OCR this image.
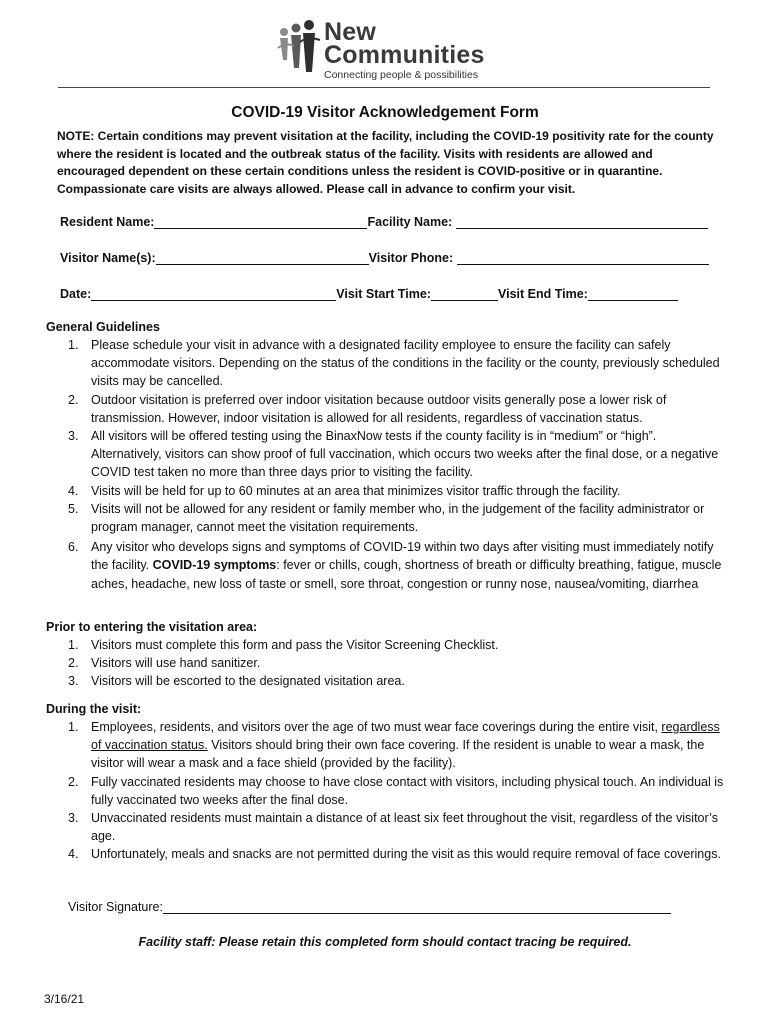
New
Communities
Connecting people & possibilities
COVID-19 Visitor Acknowledgement Form
NOTE: Certain conditions may prevent visitation at the facility, including the COVID-19 positivity rate for the county where the resident is located and the outbreak status of the facility. Visits with residents are allowed and encouraged dependent on these certain conditions unless the resident is COVID-positive or in quarantine. Compassionate care visits are always allowed. Please call in advance to confirm your visit.
Resident Name:	Facility Name:
Visitor Name(s):	Visitor Phone:
Date:	Visit Start Time:	Visit End Time:
General Guidelines
1. Please schedule your visit in advance with a designated facility employee to ensure the facility can safely accommodate visitors. Depending on the status of the conditions in the facility or the county, previously scheduled visits may be cancelled.
2. Outdoor visitation is preferred over indoor visitation because outdoor visits generally pose a lower risk of transmission. However, indoor visitation is allowed for all residents, regardless of vaccination status.
3. All visitors will be offered testing using the BinaxNow tests if the county facility is in “medium” or “high”. Alternatively, visitors can show proof of full vaccination, which occurs two weeks after the final dose, or a negative COVID test taken no more than three days prior to visiting the facility.
4. Visits will be held for up to 60 minutes at an area that minimizes visitor traffic through the facility.
5. Visits will not be allowed for any resident or family member who, in the judgement of the facility administrator or program manager, cannot meet the visitation requirements.
6. Any visitor who develops signs and symptoms of COVID-19 within two days after visiting must immediately notify the facility. COVID-19 symptoms: fever or chills, cough, shortness of breath or difficulty breathing, fatigue, muscle aches, headache, new loss of taste or smell, sore throat, congestion or runny nose, nausea/vomiting, diarrhea
Prior to entering the visitation area:
1. Visitors must complete this form and pass the Visitor Screening Checklist.
2. Visitors will use hand sanitizer.
3. Visitors will be escorted to the designated visitation area.
During the visit:
1. Employees, residents, and visitors over the age of two must wear face coverings during the entire visit, regardless of vaccination status. Visitors should bring their own face covering. If the resident is unable to wear a mask, the visitor will wear a mask and a face shield (provided by the facility).
2. Fully vaccinated residents may choose to have close contact with visitors, including physical touch. An individual is fully vaccinated two weeks after the final dose.
3. Unvaccinated residents must maintain a distance of at least six feet throughout the visit, regardless of the visitor’s age.
4. Unfortunately, meals and snacks are not permitted during the visit as this would require removal of face coverings.
Visitor Signature:
Facility staff: Please retain this completed form should contact tracing be required.
3/16/21
